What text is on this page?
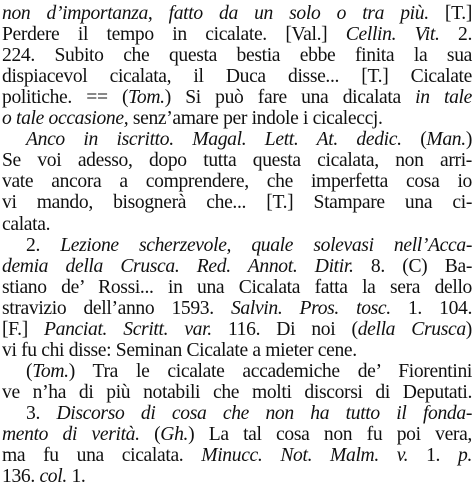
non d’importanza, fatto da un solo o tra più. [T.]
Perdere il tempo in cicalate. [Val.] Cellin. Vit. 2.
224. Subito che questa bestia ebbe finita la sua
dispiacevol cicalata, il Duca disse... [T.] Cicalate
politiche. == (Tom.) Si può fare una dicalata in tale
o tale occasione, senz’amare per indole i cicaleccj.
Anco in iscritto. Magal. Lett. At. dedic. (Man.)
Se voi adesso, dopo tutta questa cicalata, non arri-
vate ancora a comprendere, che imperfetta cosa io
vi mando, bisognerà che... [T.] Stampare una ci-
calata.
2. Lezione scherzevole, quale solevasi nell’Acca-
demia della Crusca. Red. Annot. Ditir. 8. (C) Ba-
stiano de’ Rossi... in una Cicalata fatta la sera dello
stravizio dell’anno 1593. Salvin. Pros. tosc. 1. 104.
[F.] Panciat. Scritt. var. 116. Di noi (della Crusca)
vi fu chi disse: Seminan Cicalate a mieter cene.
(Tom.) Tra le cicalate accademiche de’ Fiorentini
ve n’ha di più notabili che molti discorsi di Deputati.
3. Discorso di cosa che non ha tutto il fonda-
mento di verità. (Gh.) La tal cosa non fu poi vera,
ma fu una cicalata. Minucc. Not. Malm. v. 1. p.
136. col. 1.
